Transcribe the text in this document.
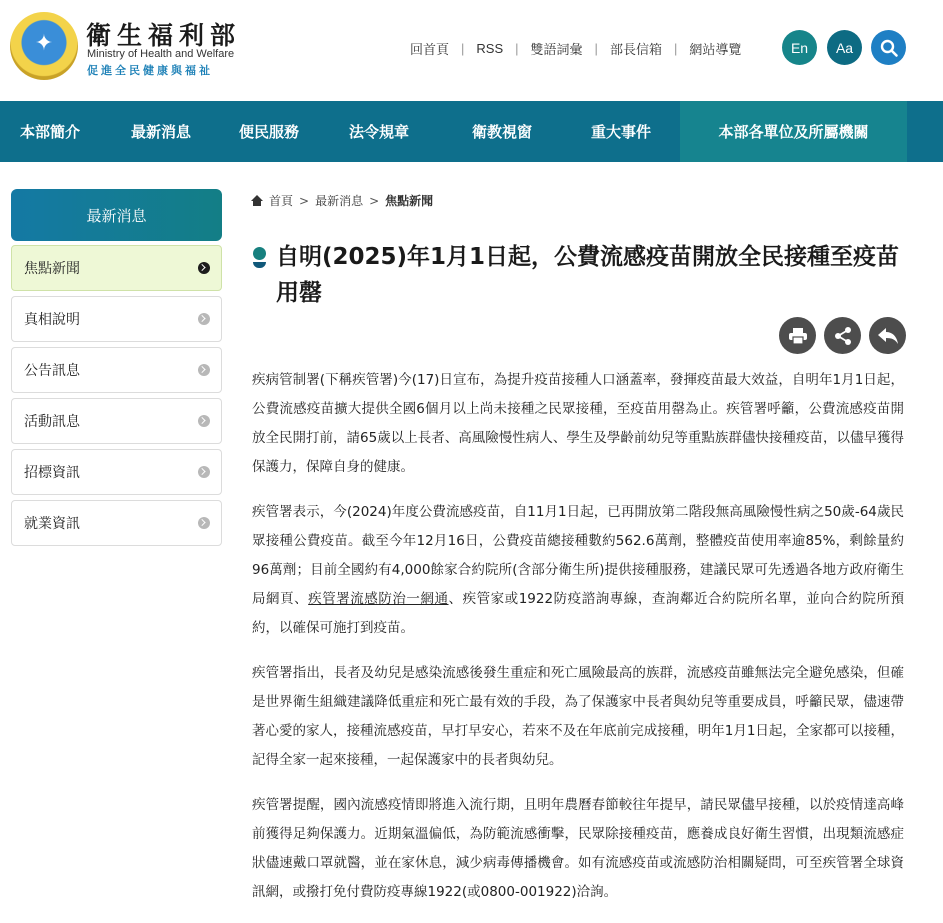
✦	衛生福利部
Ministry of Health and Welfare
促進全民健康與福祉
回首頁 | RSS | 雙語詞彙 | 部長信箱 | 網站導覽	En	Aa
本部簡介	最新消息	便民服務	法令規章	衛教視窗	重大事件	本部各單位及所屬機關
最新消息
焦點新聞
真相說明
公告訊息
活動訊息
招標資訊
就業資訊
首頁 > 最新消息 > 焦點新聞
自明(2025)年1月1日起，公費流感疫苗開放全民接種至疫苗用罄

疾病管制署(下稱疾管署)今(17)日宣布，為提升疫苗接種人口涵蓋率，發揮疫苗最大效益，自明年1月1日起，公費流感疫苗擴大提供全國6個月以上尚未接種之民眾接種，至疫苗用罄為止。疾管署呼籲，公費流感疫苗開放全民開打前，請65歲以上長者、高風險慢性病人、學生及學齡前幼兒等重點族群儘快接種疫苗，以儘早獲得保護力，保障自身的健康。

疾管署表示，今(2024)年度公費流感疫苗，自11月1日起，已再開放第二階段無高風險慢性病之50歲-64歲民眾接種公費疫苗。截至今年12月16日，公費疫苗總接種數約562.6萬劑，整體疫苗使用率逾85%，剩餘量約96萬劑；目前全國約有4,000餘家合約院所(含部分衛生所)提供接種服務，建議民眾可先透過各地方政府衛生局網頁、疾管署流感防治一網通、疾管家或1922防疫諮詢專線，查詢鄰近合約院所名單，並向合約院所預約，以確保可施打到疫苗。

疾管署指出，長者及幼兒是感染流感後發生重症和死亡風險最高的族群，流感疫苗雖無法完全避免感染，但確是世界衛生組織建議降低重症和死亡最有效的手段，為了保護家中長者與幼兒等重要成員，呼籲民眾，儘速帶著心愛的家人，接種流感疫苗，早打早安心，若來不及在年底前完成接種，明年1月1日起，全家都可以接種，記得全家一起來接種，一起保護家中的長者與幼兒。

疾管署提醒，國內流感疫情即將進入流行期，且明年農曆春節較往年提早，請民眾儘早接種，以於疫情達高峰前獲得足夠保護力。近期氣溫偏低，為防範流感衝擊，民眾除接種疫苗，應養成良好衛生習慣，出現類流感症狀儘速戴口罩就醫，並在家休息，減少病毒傳播機會。如有流感疫苗或流感防治相關疑問，可至疾管署全球資訊網，或撥打免付費防疫專線1922(或0800-001922)洽詢。
